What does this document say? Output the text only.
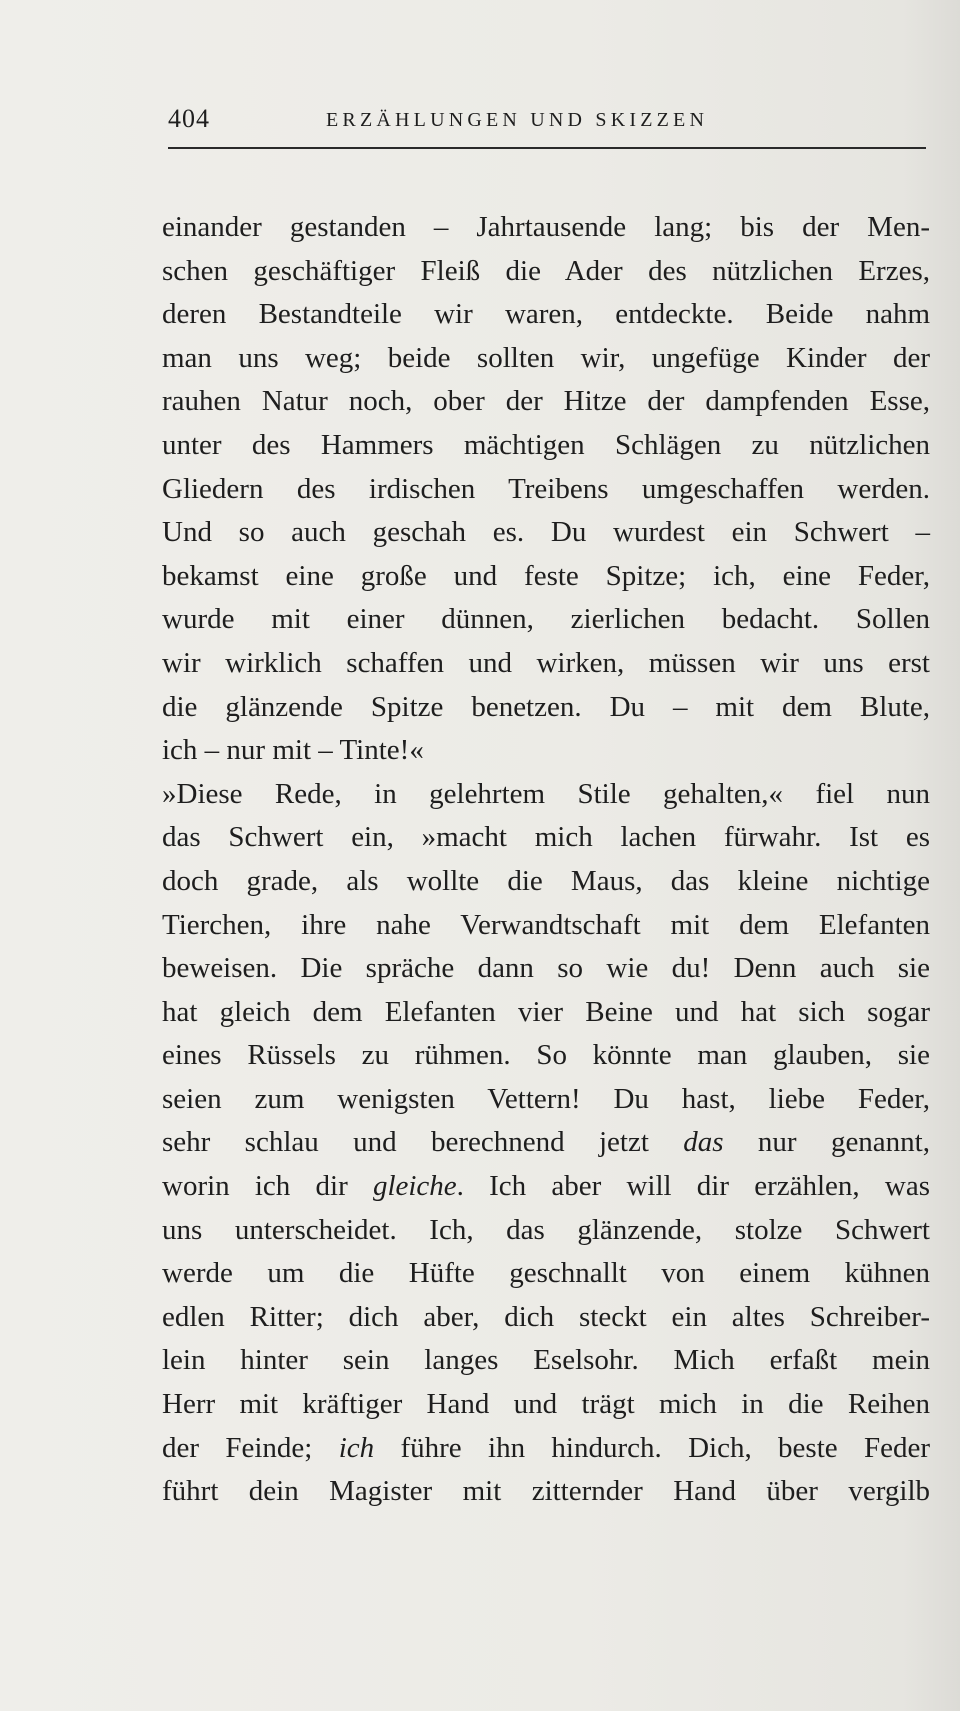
404	ERZÄHLUNGEN UND SKIZZEN
einander gestanden – Jahrtausende lang; bis der Men-
schen geschäftiger Fleiß die Ader des nützlichen Erzes,
deren Bestandteile wir waren, entdeckte. Beide nahm
man uns weg; beide sollten wir, ungefüge Kinder der
rauhen Natur noch, ober der Hitze der dampfenden Esse,
unter des Hammers mächtigen Schlägen zu nützlichen
Gliedern des irdischen Treibens umgeschaffen werden.
Und so auch geschah es. Du wurdest ein Schwert –
bekamst eine große und feste Spitze; ich, eine Feder,
wurde mit einer dünnen, zierlichen bedacht. Sollen
wir wirklich schaffen und wirken, müssen wir uns erst
die glänzende Spitze benetzen. Du – mit dem Blute,
ich – nur mit – Tinte!«
»Diese Rede, in gelehrtem Stile gehalten,« fiel nun
das Schwert ein, »macht mich lachen fürwahr. Ist es
doch grade, als wollte die Maus, das kleine nichtige
Tierchen, ihre nahe Verwandtschaft mit dem Elefanten
beweisen. Die spräche dann so wie du! Denn auch sie
hat gleich dem Elefanten vier Beine und hat sich sogar
eines Rüssels zu rühmen. So könnte man glauben, sie
seien zum wenigsten Vettern! Du hast, liebe Feder,
sehr schlau und berechnend jetzt das nur genannt,
worin ich dir gleiche. Ich aber will dir erzählen, was
uns unterscheidet. Ich, das glänzende, stolze Schwert
werde um die Hüfte geschnallt von einem kühnen
edlen Ritter; dich aber, dich steckt ein altes Schreiber-
lein hinter sein langes Eselsohr. Mich erfaßt mein
Herr mit kräftiger Hand und trägt mich in die Reihen
der Feinde; ich führe ihn hindurch. Dich, beste Feder
führt dein Magister mit zitternder Hand über vergilb
